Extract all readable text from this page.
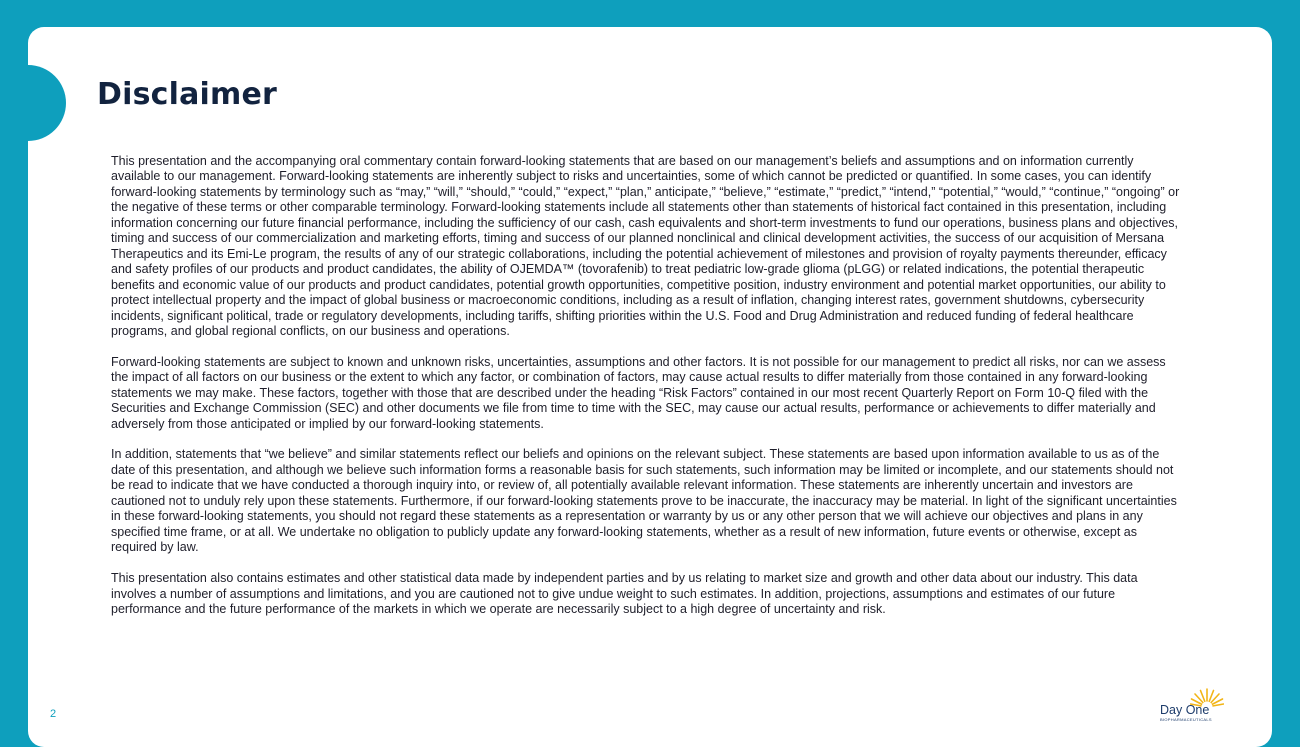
Disclaimer

This presentation and the accompanying oral commentary contain forward-looking statements that are based on our management’s beliefs and assumptions and on information currently available to our management. Forward-looking statements are inherently subject to risks and uncertainties, some of which cannot be predicted or quantified. In some cases, you can identify forward-looking statements by terminology such as “may,” “will,” “should,” “could,” “expect,” “plan,” anticipate,” “believe,” “estimate,” “predict,” “intend,” “potential,” “would,” “continue,” “ongoing” or the negative of these terms or other comparable terminology. Forward-looking statements include all statements other than statements of historical fact contained in this presentation, including information concerning our future financial performance, including the sufficiency of our cash, cash equivalents and short-term investments to fund our operations, business plans and objectives, timing and success of our commercialization and marketing efforts, timing and success of our planned nonclinical and clinical development activities, the success of our acquisition of Mersana Therapeutics and its Emi-Le program, the results of any of our strategic collaborations, including the potential achievement of milestones and provision of royalty payments thereunder, efficacy and safety profiles of our products and product candidates, the ability of OJEMDA™ (tovorafenib) to treat pediatric low-grade glioma (pLGG) or related indications, the potential therapeutic benefits and economic value of our products and product candidates, potential growth opportunities, competitive position, industry environment and potential market opportunities, our ability to protect intellectual property and the impact of global business or macroeconomic conditions, including as a result of inflation, changing interest rates, government shutdowns, cybersecurity incidents, significant political, trade or regulatory developments, including tariffs, shifting priorities within the U.S. Food and Drug Administration and reduced funding of federal healthcare programs, and global regional conflicts, on our business and operations.

Forward-looking statements are subject to known and unknown risks, uncertainties, assumptions and other factors. It is not possible for our management to predict all risks, nor can we assess the impact of all factors on our business or the extent to which any factor, or combination of factors, may cause actual results to differ materially from those contained in any forward-looking statements we may make. These factors, together with those that are described under the heading “Risk Factors” contained in our most recent Quarterly Report on Form 10-Q filed with the Securities and Exchange Commission (SEC) and other documents we file from time to time with the SEC, may cause our actual results, performance or achievements to differ materially and adversely from those anticipated or implied by our forward-looking statements.

In addition, statements that “we believe” and similar statements reflect our beliefs and opinions on the relevant subject. These statements are based upon information available to us as of the date of this presentation, and although we believe such information forms a reasonable basis for such statements, such information may be limited or incomplete, and our statements should not be read to indicate that we have conducted a thorough inquiry into, or review of, all potentially available relevant information. These statements are inherently uncertain and investors are cautioned not to unduly rely upon these statements. Furthermore, if our forward-looking statements prove to be inaccurate, the inaccuracy may be material. In light of the significant uncertainties in these forward-looking statements, you should not regard these statements as a representation or warranty by us or any other person that we will achieve our objectives and plans in any specified time frame, or at all. We undertake no obligation to publicly update any forward-looking statements, whether as a result of new information, future events or otherwise, except as required by law.

This presentation also contains estimates and other statistical data made by independent parties and by us relating to market size and growth and other data about our industry. This data involves a number of assumptions and limitations, and you are cautioned not to give undue weight to such estimates. In addition, projections, assumptions and estimates of our future performance and the future performance of the markets in which we operate are necessarily subject to a high degree of uncertainty and risk.

2	Day One
BIOPHARMACEUTICALS
